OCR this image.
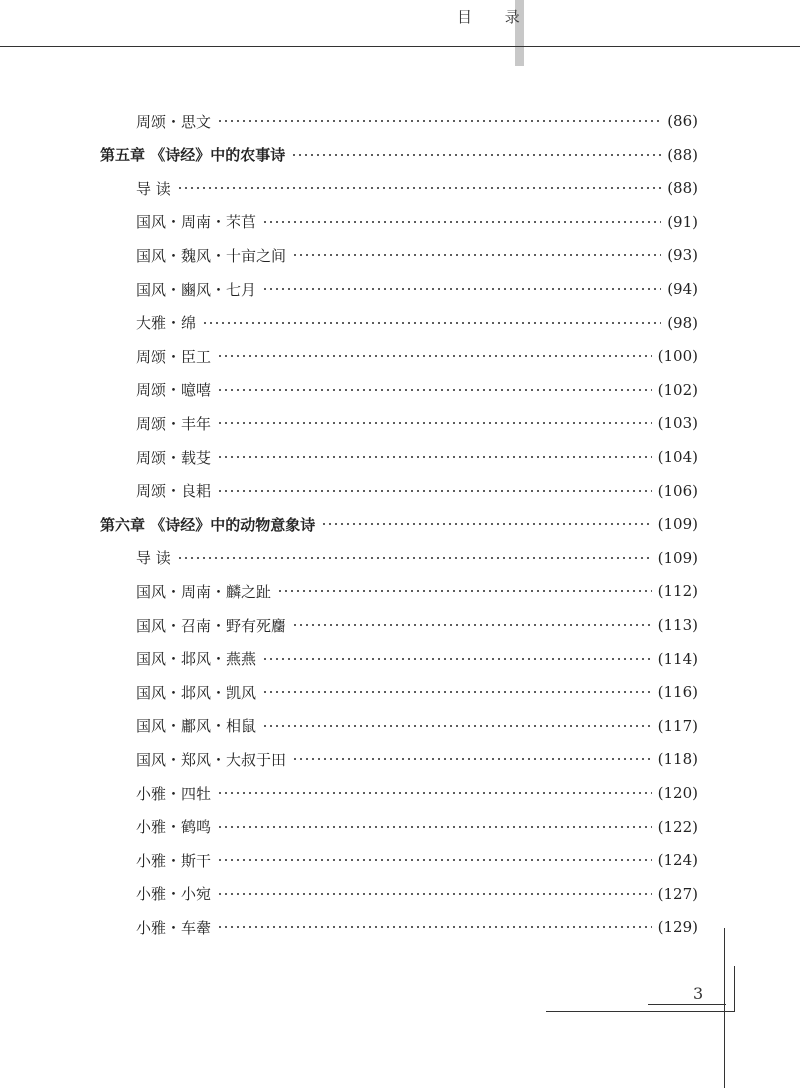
目 录
周颂・思文	(86)
第五章 《诗经》中的农事诗	(88)
导 读	(88)
国风・周南・芣苢	(91)
国风・魏风・十亩之间	(93)
国风・豳风・七月	(94)
大雅・绵	(98)
周颂・臣工	(100)
周颂・噫嘻	(102)
周颂・丰年	(103)
周颂・载芟	(104)
周颂・良耜	(106)
第六章 《诗经》中的动物意象诗	(109)
导 读	(109)
国风・周南・麟之趾	(112)
国风・召南・野有死麕	(113)
国风・邶风・燕燕	(114)
国风・邶风・凯风	(116)
国风・鄘风・相鼠	(117)
国风・郑风・大叔于田	(118)
小雅・四牡	(120)
小雅・鹤鸣	(122)
小雅・斯干	(124)
小雅・小宛	(127)
小雅・车舝	(129)
3
